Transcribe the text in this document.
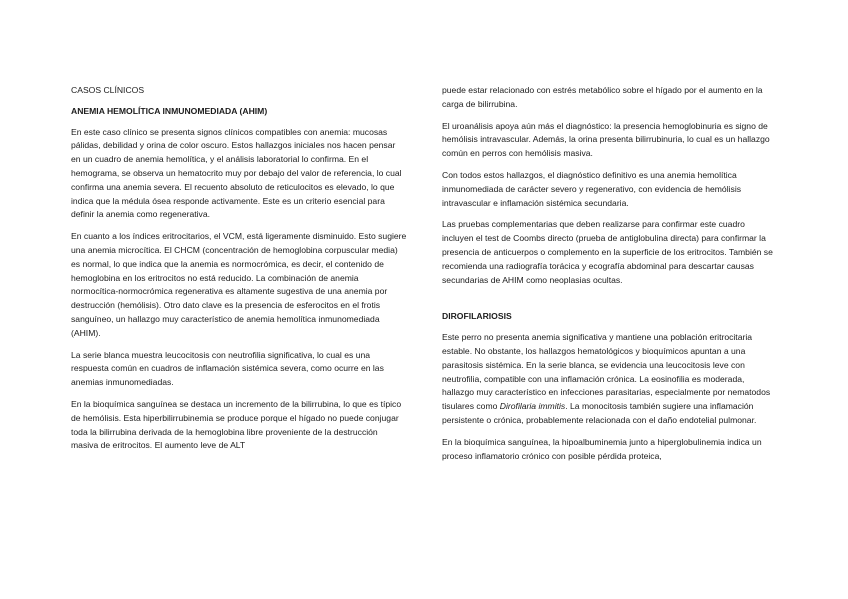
CASOS CLÍNICOS
ANEMIA HEMOLÍTICA INMUNOMEDIADA (AHIM)

En este caso clínico se presenta signos clínicos compatibles con anemia: mucosas pálidas, debilidad y orina de color oscuro. Estos hallazgos iniciales nos hacen pensar en un cuadro de anemia hemolítica, y el análisis laboratorial lo confirma. En el hemograma, se observa un hematocrito muy por debajo del valor de referencia, lo cual confirma una anemia severa. El recuento absoluto de reticulocitos es elevado, lo que indica que la médula ósea responde activamente. Este es un criterio esencial para definir la anemia como regenerativa.

En cuanto a los índices eritrocitarios, el VCM, está ligeramente disminuido. Esto sugiere una anemia microcítica. El CHCM (concentración de hemoglobina corpuscular media) es normal, lo que indica que la anemia es normocrómica, es decir, el contenido de hemoglobina en los eritrocitos no está reducido. La combinación de anemia normocítica-normocrómica regenerativa es altamente sugestiva de una anemia por destrucción (hemólisis). Otro dato clave es la presencia de esferocitos en el frotis sanguíneo, un hallazgo muy característico de anemia hemolítica inmunomediada (AHIM).

La serie blanca muestra leucocitosis con neutrofilia significativa, lo cual es una respuesta común en cuadros de inflamación sistémica severa, como ocurre en las anemias inmunomediadas.

En la bioquímica sanguínea se destaca un incremento de la bilirrubina, lo que es típico de hemólisis. Esta hiperbilirrubinemia se produce porque el hígado no puede conjugar toda la bilirrubina derivada de la hemoglobina libre proveniente de la destrucción masiva de eritrocitos. El aumento leve de ALT

puede estar relacionado con estrés metabólico sobre el hígado por el aumento en la carga de bilirrubina.

El uroanálisis apoya aún más el diagnóstico: la presencia hemoglobinuria es signo de hemólisis intravascular. Además, la orina presenta bilirrubinuria, lo cual es un hallazgo común en perros con hemólisis masiva.

Con todos estos hallazgos, el diagnóstico definitivo es una anemia hemolítica inmunomediada de carácter severo y regenerativo, con evidencia de hemólisis intravascular e inflamación sistémica secundaria.

Las pruebas complementarias que deben realizarse para confirmar este cuadro incluyen el test de Coombs directo (prueba de antiglobulina directa) para confirmar la presencia de anticuerpos o complemento en la superficie de los eritrocitos. También se recomienda una radiografía torácica y ecografía abdominal para descartar causas secundarias de AHIM como neoplasias ocultas.

DIROFILARIOSIS

Este perro no presenta anemia significativa y mantiene una población eritrocitaria estable. No obstante, los hallazgos hematológicos y bioquímicos apuntan a una parasitosis sistémica. En la serie blanca, se evidencia una leucocitosis leve con neutrofilia, compatible con una inflamación crónica. La eosinofilia es moderada, hallazgo muy característico en infecciones parasitarias, especialmente por nematodos tisulares como Dirofilaria immitis. La monocitosis también sugiere una inflamación persistente o crónica, probablemente relacionada con el daño endotelial pulmonar.

En la bioquímica sanguínea, la hipoalbuminemia junto a hiperglobulinemia indica un proceso inflamatorio crónico con posible pérdida proteica,
